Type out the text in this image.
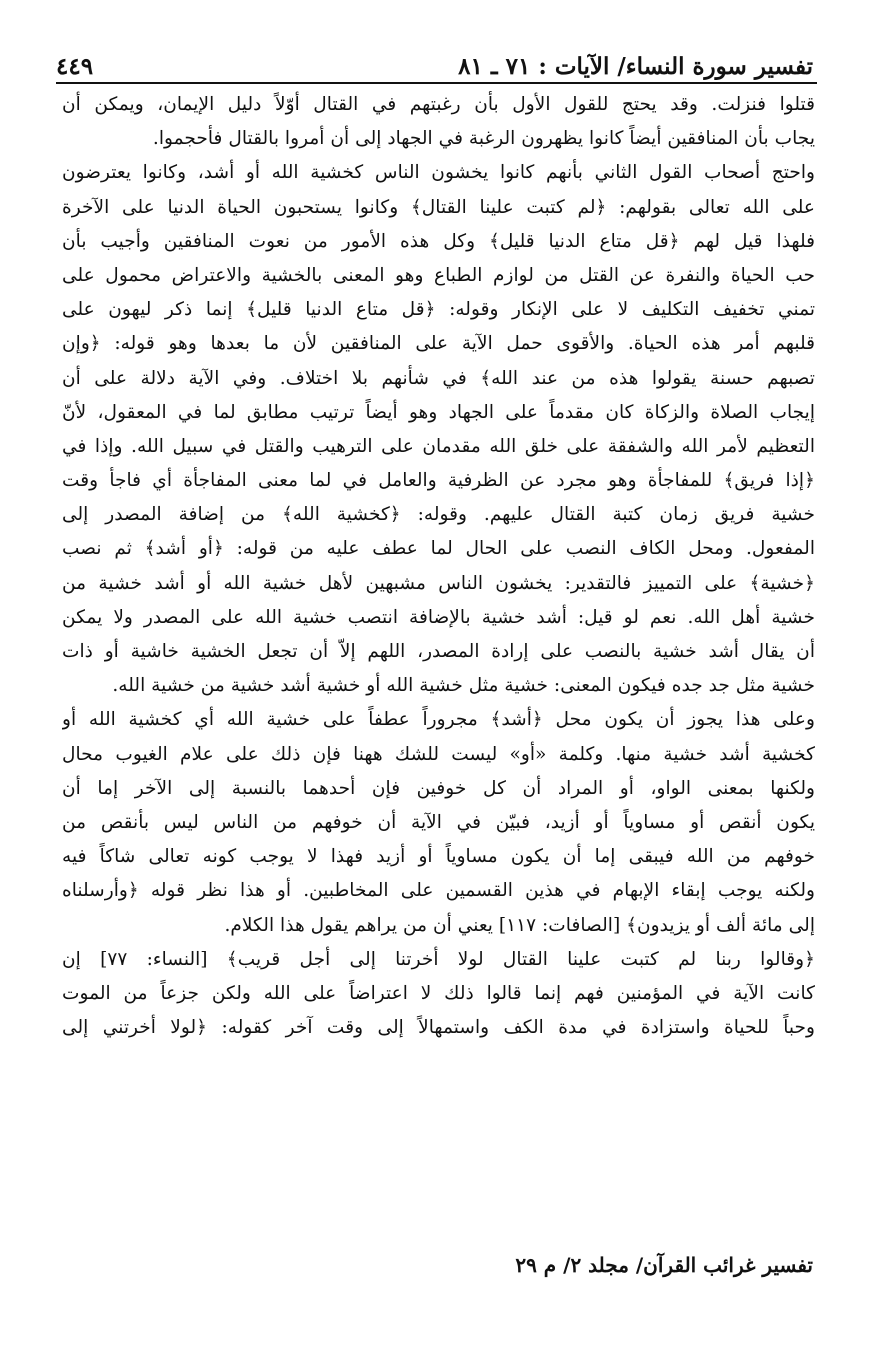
تفسير سورة النساء/ الآيات : ٧١ ـ ٨١
٤٤٩
قتلوا فنزلت. وقد يحتج للقول الأول بأن رغبتهم في القتال أوّلاً دليل الإيمان، ويمكن أن
يجاب بأن المنافقين أيضاً كانوا يظهرون الرغبة في الجهاد إلى أن أمروا بالقتال فأحجموا.
واحتج أصحاب القول الثاني بأنهم كانوا يخشون الناس كخشية الله أو أشد، وكانوا يعترضون
على الله تعالى بقولهم: ﴿لم كتبت علينا القتال﴾ وكانوا يستحبون الحياة الدنيا على الآخرة
فلهذا قيل لهم ﴿قل متاع الدنيا قليل﴾ وكل هذه الأمور من نعوت المنافقين وأجيب بأن
حب الحياة والنفرة عن القتل من لوازم الطباع وهو المعنى بالخشية والاعتراض محمول على
تمني تخفيف التكليف لا على الإنكار وقوله: ﴿قل متاع الدنيا قليل﴾ إنما ذكر ليهون على
قلبهم أمر هذه الحياة. والأقوى حمل الآية على المنافقين لأن ما بعدها وهو قوله: ﴿وإن
تصبهم حسنة يقولوا هذه من عند الله﴾ في شأنهم بلا اختلاف. وفي الآية دلالة على أن
إيجاب الصلاة والزكاة كان مقدماً على الجهاد وهو أيضاً ترتيب مطابق لما في المعقول، لأنّ
التعظيم لأمر الله والشفقة على خلق الله مقدمان على الترهيب والقتل في سبيل الله. وإذا في
﴿إذا فريق﴾ للمفاجأة وهو مجرد عن الظرفية والعامل في لما معنى المفاجأة أي فاجأ وقت
خشية فريق زمان كتبة القتال عليهم. وقوله: ﴿كخشية الله﴾ من إضافة المصدر إلى
المفعول. ومحل الكاف النصب على الحال لما عطف عليه من قوله: ﴿أو أشد﴾ ثم نصب
﴿خشية﴾ على التمييز فالتقدير: يخشون الناس مشبهين لأهل خشية الله أو أشد خشية من
خشية أهل الله. نعم لو قيل: أشد خشية بالإضافة انتصب خشية الله على المصدر ولا يمكن
أن يقال أشد خشية بالنصب على إرادة المصدر، اللهم إلاّ أن تجعل الخشية خاشية أو ذات
خشية مثل جد جده فيكون المعنى: خشية مثل خشية الله أو خشية أشد خشية من خشية الله.
وعلى هذا يجوز أن يكون محل ﴿أشد﴾ مجروراً عطفاً على خشية الله أي كخشية الله أو
كخشية أشد خشية منها. وكلمة «أو» ليست للشك ههنا فإن ذلك على علام الغيوب محال
ولكنها بمعنى الواو، أو المراد أن كل خوفين فإن أحدهما بالنسبة إلى الآخر إما أن
يكون أنقص أو مساوياً أو أزيد، فبيّن في الآية أن خوفهم من الناس ليس بأنقص من
خوفهم من الله فيبقى إما أن يكون مساوياً أو أزيد فهذا لا يوجب كونه تعالى شاكاً فيه
ولكنه يوجب إبقاء الإبهام في هذين القسمين على المخاطبين. أو هذا نظر قوله ﴿وأرسلناه
إلى مائة ألف أو يزيدون﴾ [الصافات: ١١٧] يعني أن من يراهم يقول هذا الكلام.
﴿وقالوا ربنا لم كتبت علينا القتال لولا أخرتنا إلى أجل قريب﴾ [النساء: ٧٧] إن
كانت الآية في المؤمنين فهم إنما قالوا ذلك لا اعتراضاً على الله ولكن جزعاً من الموت
وحباً للحياة واستزادة في مدة الكف واستمهالاً إلى وقت آخر كقوله: ﴿لولا أخرتني إلى
تفسير غرائب القرآن/ مجلد ٢/ م ٢٩
